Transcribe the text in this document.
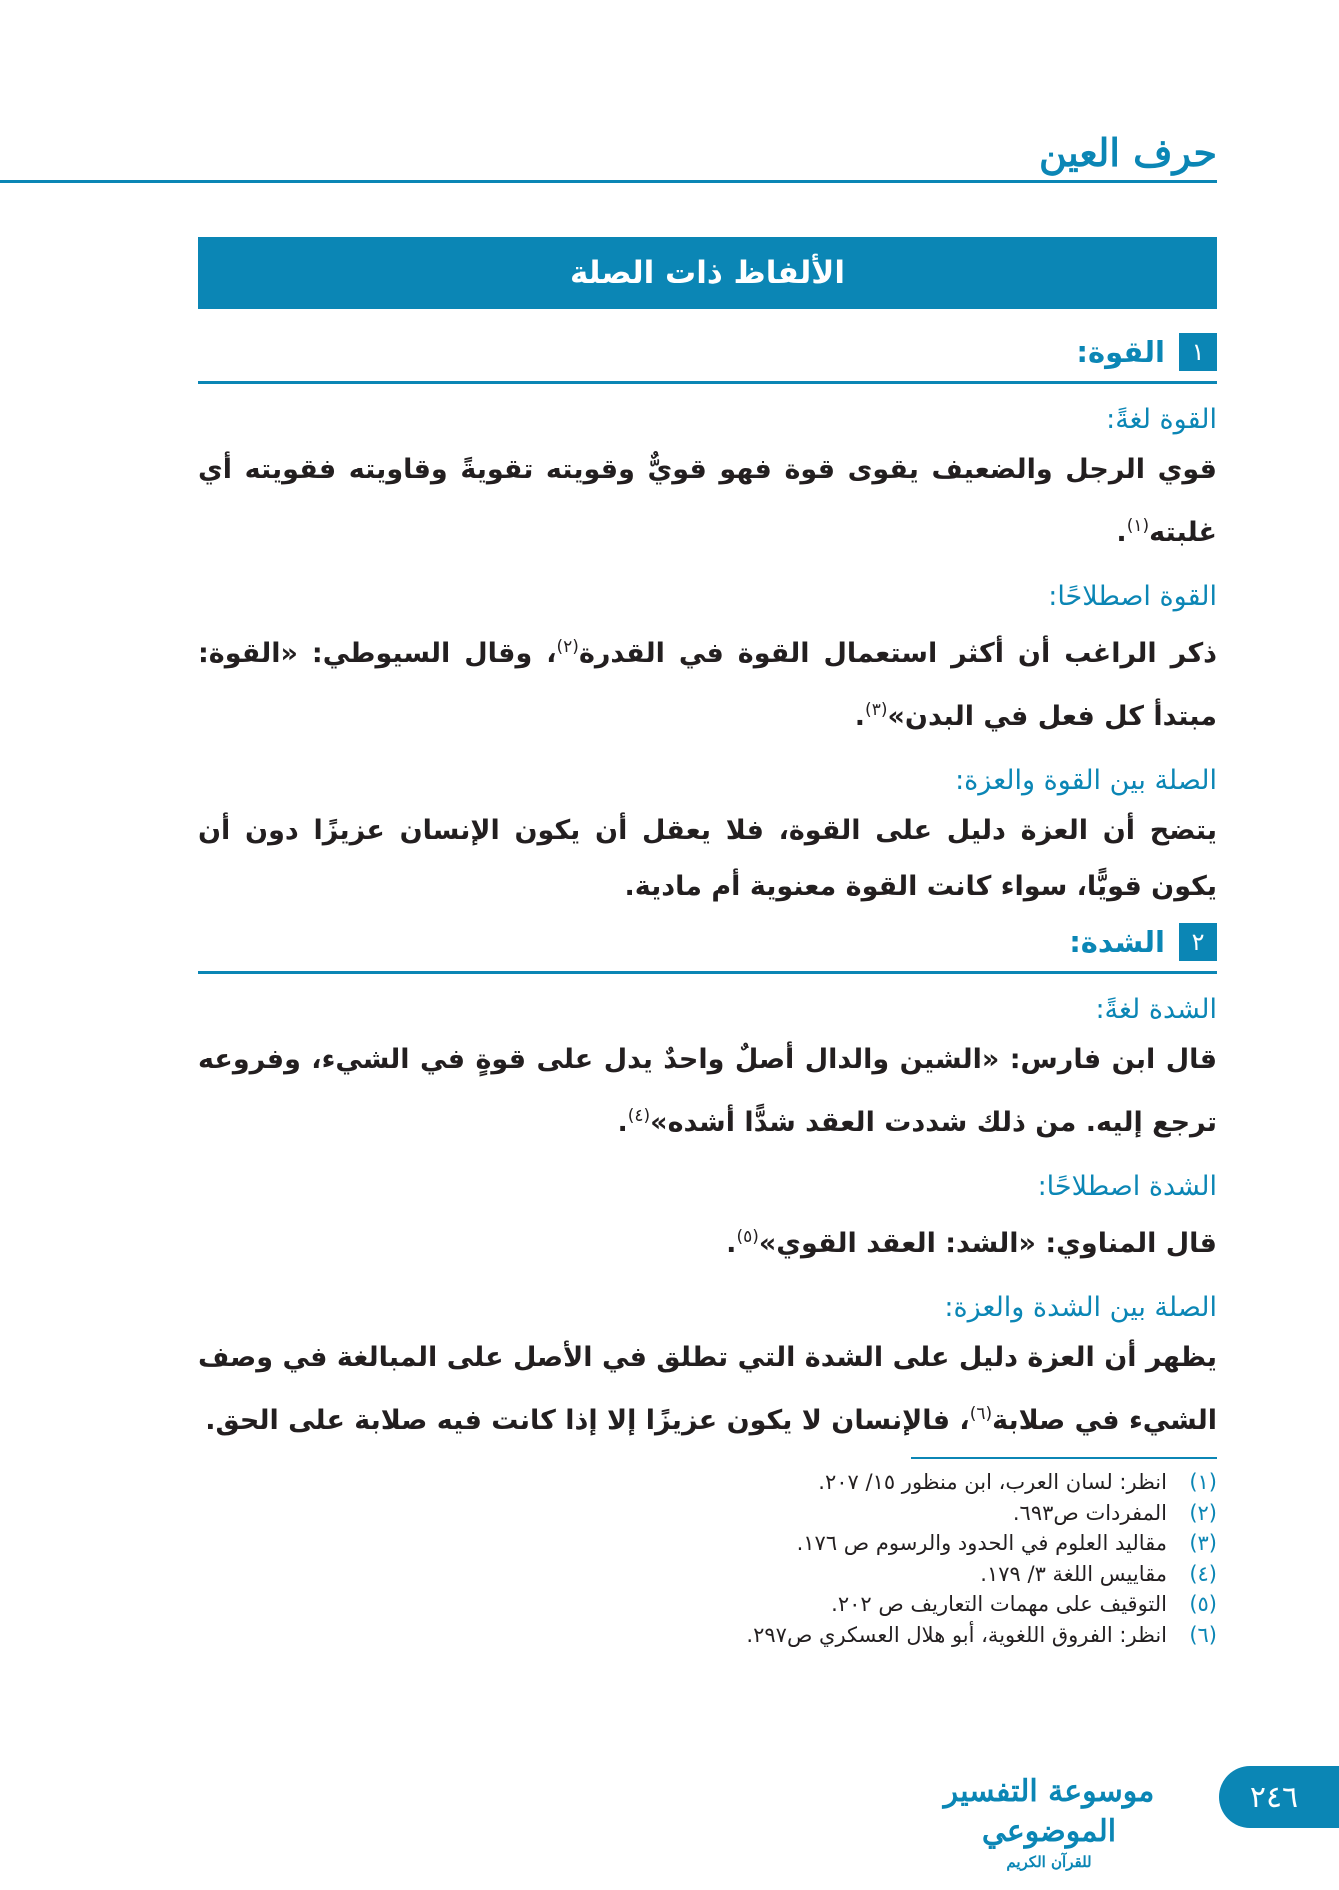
حرف العين
الألفاظ ذات الصلة
١
القوة:
القوة لغةً:

قوي الرجل والضعيف يقوى قوة فهو قويٌّ وقويته تقويةً وقاويته فقويته أي غلبته$^{(١)}$.

القوة اصطلاحًا:

ذكر الراغب أن أكثر استعمال القوة في القدرة$^{(٢)}$، وقال السيوطي: «القوة: مبتدأ كل فعل في البدن»$^{(٣)}$.

الصلة بين القوة والعزة:

يتضح أن العزة دليل على القوة، فلا يعقل أن يكون الإنسان عزيزًا دون أن يكون قويًّا، سواء كانت القوة معنوية أم مادية.

٢
الشدة:
الشدة لغةً:

قال ابن فارس: «الشين والدال أصلٌ واحدٌ يدل على قوةٍ في الشيء، وفروعه ترجع إليه. من ذلك شددت العقد شدًّا أشده»$^{(٤)}$.

الشدة اصطلاحًا:

قال المناوي: «الشد: العقد القوي»$^{(٥)}$.

الصلة بين الشدة والعزة:

يظهر أن العزة دليل على الشدة التي تطلق في الأصل على المبالغة في وصف الشيء في صلابة$^{(٦)}$، فالإنسان لا يكون عزيزًا إلا إذا كانت فيه صلابة على الحق.

(١)
انظر: لسان العرب، ابن منظور ١٥/ ٢٠٧.
(٢)
المفردات ص٦٩٣.
(٣)
مقاليد العلوم في الحدود والرسوم ص ١٧٦.
(٤)
مقاييس اللغة ٣/ ١٧٩.
(٥)
التوقيف على مهمات التعاريف ص ٢٠٢.
(٦)
انظر: الفروق اللغوية، أبو هلال العسكري ص٢٩٧.
موسوعة التفسير الموضوعي
للقرآن الكريم
٢٤٦
